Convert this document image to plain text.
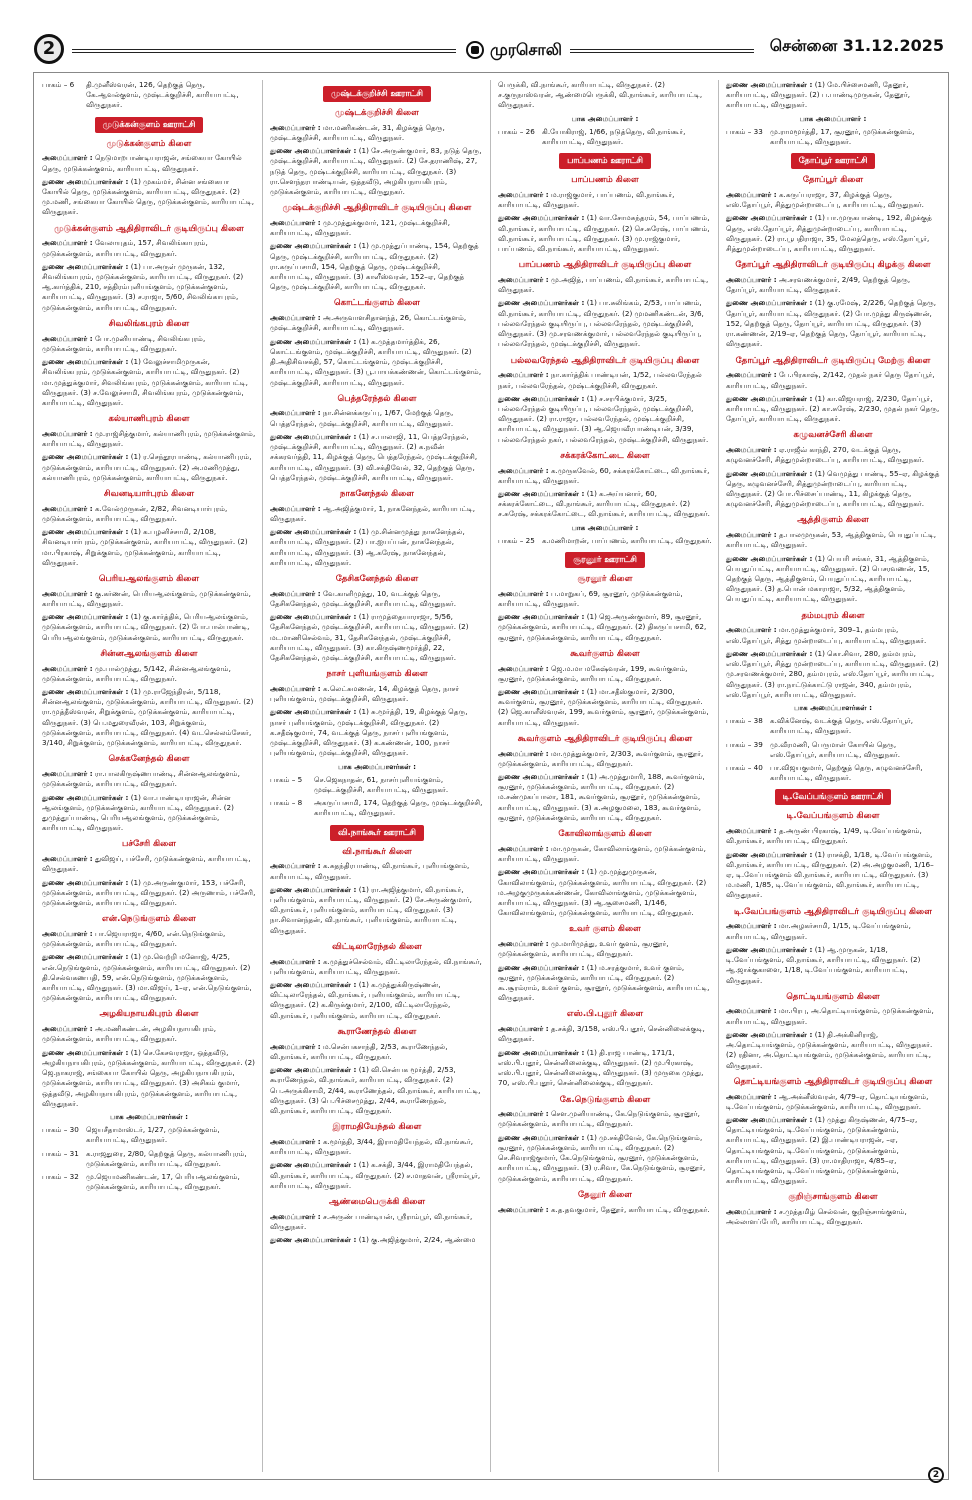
2	முரசொலி	சென்னை 31.12.2025
பாகம் – 6	தி.முனீஸ்வரன், 126, தெற்குத் தெரு, கே.ஆவல்குளம், முஷ்டக்குறிச்சி, காரியாபட்டி, விருதுநகர்.
முடுக்கன்குளம் ஊராட்சி
முடுக்கன்குளம் கிளை

அமைப்பாளர் : நெடுமாறபாண்டியராஜன், சங்கையா கோயில் தெரு, முடுக்கன்குளம், காரியாபட்டி, விருதுநகர்.

துணை அமைப்பாளர்கள் : (1) முகம்மர், சின்ன சங்கையா கோயில் தெரு, முடுக்கன்குளம், காரியாபட்டி, விருதுநகர். (2) மு.மணி, சங்கையா கோயில் தெரு, முடுக்கன்குளம், காரியாபட்டி, விருதுநகர்.

முடுக்கன்குளம் ஆதிதிராவிடர் குடியிருப்பு கிளை

அமைப்பாளர் : வேலாயுதம், 157, சிவலிங்காபுரம், முடுக்கன்குளம், காரியாபட்டி, விருதுநகர்.

துணை அமைப்பாளர்கள் : (1) பா.அருள் முருகன், 132, சிவலிங்காபுரம், முடுக்கன்குளம், காரியாபட்டி, விருதுநகர். (2) ஆ.கார்த்திக், 210, சத்திரம்புளியங்குளம், முடுக்கன்குளம், காரியாபட்டி, விருதுநகர். (3) ச.ராஜா, 5/60, சிவலிங்காபுரம், முடுக்கன்குளம், காரியாபட்டி, விருதுநகர்.

சிவலிங்கபுரம் கிளை

அமைப்பாளர் : போ.முனியாண்டி, சிவலிங்கபுரம், முடுக்கன்குளம், காரியாபட்டி, விருதுநகர்.

துணை அமைப்பாளர்கள் : (1) வேலுச்சாமிமுருகன், சிவலிங்கபுரம், முடுக்கன்குளம், காரியாபட்டி, விருதுநகர். (2) மா.முத்துக்குமார், சிவலிங்கபுரம், முடுக்கன்குளம், காரியாபட்டி, விருதுநகர். (3) ச.வேலுச்சாமி, சிவலிங்கபுரம், முடுக்கன்குளம், காரியாபட்டி, விருதுநகர்.

கல்யாணிபுரம் கிளை

அமைப்பாளர் : மு.ராஜ்சித்குமார், கல்யாணிபுரம், முடுக்கன்குளம், காரியாபட்டி, விருதுநகர்.

துணை அமைப்பாளர்கள் : (1) ர.செந்தூரபாண்டி, கல்யாணிபுரம், முடுக்கன்குளம், காரியாபட்டி, விருதுநகர். (2) அ.மணிமுத்து, கல்யாணிபுரம், முடுக்கன்குளம், காரியாபட்டி, விருதுநகர்.

சிவனடியார்புரம் கிளை

அமைப்பாளர் : க.வேல்முருகன், 2/82, சிவனடியார்புரம், முடுக்கன்குளம், காரியாபட்டி, விருதுநகர்.

துணை அமைப்பாளர்கள் : (1) க.பழனிச்சாமி, 2/108, சிவனடியார்புரம், முடுக்கன்குளம், காரியாபட்டி, விருதுநகர். (2) மா.பிரகாஷ், சிறுக்குளம், முடுக்கன்குளம், காரியாபட்டி, விருதுநகர்.

பெரியஆலங்குளம் கிளை

அமைப்பாளர் : கு.கர்ணன், பெரியஆலங்குளம், முடுக்கன்குளம், காரியாபட்டி, விருதுநகர்.

துணை அமைப்பாளர்கள் : (1) கு.கார்த்திக், பெரியஆலங்குளம், முடுக்கன்குளம், காரியாபட்டி, விருதுநகர். (2) போ.பால்பாண்டி, பெரியஆலங்குளம், முடுக்கன்குளம், காரியாபட்டி, விருதுநகர்.

சின்னஆலங்குளம் கிளை

அமைப்பாளர் : மு.பால்முத்து, 5/142, சின்னஆலங்குளம், முடுக்கன்குளம், காரியாபட்டி, விருதுநகர்.

துணை அமைப்பாளர்கள் : (1) மு.ராஜேந்திரன், 5/118, சின்னஆலங்குளம், முடுக்கன்குளம், காரியாபட்டி, விருதுநகர். (2) ரா.முத்தீஸ்வரன், சிறுக்குளம், முடுக்கன்குளம், காரியாபட்டி, விருதுநகர். (3) பெ.மதுரைவீரன், 103, சிறுக்குளம், முடுக்கன்குளம், காரியாபட்டி, விருதுநகர். (4) வடசெல்லம்சேகர், 3/140, சிறுக்குளம், முடுக்கன்குளம், காரியாபட்டி, விருதுநகர்.

செக்கனேந்தல் கிளை

அமைப்பாளர் : ரா.பாலகிருஷ்ணபாண்டி, சின்னஆலங்குளம், முடுக்கன்குளம், காரியாபட்டி, விருதுநகர்.

துணை அமைப்பாளர்கள் : (1) வா.பாண்டியராஜன், சின்ன ஆலங்குளம், முடுக்கன்குளம், காரியாபட்டி, விருதுநகர். (2) துமுத்துப்பாண்டி, பெரியஆலங்குளம், முடுக்கன்குளம், காரியாபட்டி, விருதுநகர்.

பச்சேரி கிளை

அமைப்பாளர் : துவிஜய், பச்சேரி, முடுக்கன்குளம், காரியாபட்டி, விருதுநகர்.

துணை அமைப்பாளர்கள் : (1) மு.அருண்குமார், 153, பச்சேரி, முடுக்கன்குளம், காரியாபட்டி, விருதுநகர். (2) அருணாம், பச்சேரி, முடுக்கன்குளம், காரியாபட்டி, விருதுநகர்.

என்.நெடுங்குளம் கிளை

அமைப்பாளர் : பா.ஜெயராஜா, 4/60, என்.நெடுங்குளம், முடுக்கன்குளம், காரியாபட்டி, விருதுநகர்.

துணை அமைப்பாளர்கள் : (1) மு.வெற்றி மனோஜ், 4/25, என்.நெடுங்குளம், முடுக்கன்குளம், காரியாபட்டி, விருதுநகர். (2) தி.செல்வகணபதி, 59, என்.நெடுங்குளம், முடுக்கன்குளம், காரியாபட்டி, விருதுநகர். (3) மா.விஜய், 1–ஏ, என்.நெடுங்குளம், முடுக்கன்குளம், காரியாபட்டி, விருதுநகர்.

அழகியநாயகிபுரம் கிளை

அமைப்பாளர் : அ.மணிகண்டன், அழகியநாயகிபுரம், முடுக்கன்குளம், காரியாபட்டி, விருதுநகர்.

துணை அமைப்பாளர்கள் : (1) செ.கேசவராஜா, ஒத்தவீடு, அழகியநாயகிபுரம், முடுக்கன்குளம், காரியாபட்டி, விருதுநகர். (2) ஜெ.நாகராஜ், சங்கையா கோயில் தெரு, அழகியநாயகிபுரம், முடுக்கன்குளம், காரியாபட்டி, விருதுநகர். (3) அசிகம் குமார், ஒத்தவீடு, அழகியநாயகிபுரம், முடுக்கன்குளம், காரியாபட்டி, விருதுநகர்.

பாக அமைப்பாளர்கள் :
பாகம் – 30	ஜெயசீதாமாஸ்டர், 1/27, முடுக்கன்குளம், காரியாபட்டி, விருதுநகர்.
பாகம் – 31	க.ராஜதுரை, 2/80, தெற்குத் தெரு, கல்யாணிபுரம், முடுக்கன்குளம், காரியாபட்டி, விருதுநகர்.
பாகம் – 32	மு.ஜெயமணிகண்டன், 17, பெரியஆலங்குளம், முடுக்கன்குளம், காரியாபட்டி, விருதுநகர்.
முஷ்டக்குறிச்சி ஊராட்சி
முஷ்டக்குறிச்சி கிளை

அமைப்பாளர் : மா.மணிகண்டன், 31, கிழக்குத் தெரு, முஷ்டக்குறிச்சி, காரியாபட்டி, விருதுநகர்.

துணை அமைப்பாளர்கள் : (1) சே.அருண்குமார், 83, நடுத் தெரு, முஷ்டக்குறிச்சி, காரியாபட்டி, விருதுநகர். (2) சே.தராணிஷ், 27, நடுத் தெரு, முஷ்டக்குறிச்சி, காரியாபட்டி, விருதுநகர். (3) ரா.சௌந்தரபாண்டியன், ஒத்தவீடு, அழகியநாயகிபுரம், முடுக்கன்குளம், காரியாபட்டி, விருதுநகர்.

முஷ்டக்குறிச்சி ஆதிதிராவிடர் குடியிருப்பு கிளை

அமைப்பாளர் : மு.முத்துக்குமார், 121, முஷ்டக்குறிச்சி, காரியாபட்டி, விருதுநகர்.

துணை அமைப்பாளர்கள் : (1) மு.முத்துப்பாண்டி, 154, தெற்குத் தெரு, முஷ்டக்குறிச்சி, காரியாபட்டி, விருதுநகர். (2) ரா.கருப்பசாமி, 154, தெற்குத் தெரு, முஷ்டக்குறிச்சி, காரியாபட்டி, விருதுநகர். (3) காளீஸ்வரன், 152–ஏ, தெற்குத் தெரு, முஷ்டக்குறிச்சி, காரியாபட்டி, விருதுநகர்.

கொட்டங்குளம் கிளை

அமைப்பாளர் : அ.அருவாளசிதானந்த், 26, கொட்டங்குளம், முஷ்டக்குறிச்சி, காரியாபட்டி, விருதுநகர்.

துணை அமைப்பாளர்கள் : (1) க.முத்தமார்த்திக், 26, கொட்டங்குளம், முஷ்டக்குறிச்சி, காரியாபட்டி, விருதுநகர். (2) தி.அதிசிவசக்தி, 57, கொட்டங்குளம், முஷ்டக்குறிச்சி, காரியாபட்டி, விருதுநகர். (3) பூ.பாயக்கண்ணன், கொட்டங்குளம், முஷ்டக்குறிச்சி, காரியாபட்டி, விருதுநகர்.

பெத்தரேந்தல் கிளை

அமைப்பாளர் : நா.சின்னக்கருப்பு, 1/67, மேற்குத் தெரு, பெத்தரேந்தல், முஷ்டக்குறிச்சி, காரியாபட்டி, விருதுநகர்.

துணை அமைப்பாளர்கள் : (1) ச.பாலாஜி, 11, பெத்தரேந்தல், முஷ்டக்குறிச்சி, காரியாபட்டி, விருதுநகர். (2) க.நவீன் சக்கரவர்த்தி, 11, கிழக்குத் தெரு, பெத்தரேந்தல், முஷ்டக்குறிச்சி, காரியாபட்டி, விருதுநகர். (3) வி.சக்திவேல், 32, தெற்குத் தெரு, பெத்தரேந்தல், முஷ்டக்குறிச்சி, காரியாபட்டி, விருதுநகர்.

நாகனேந்தல் கிளை

அமைப்பாளர் : ஆ.அஜித்குமார், 1, நாகனேந்தல், காரியாபட்டி, விருதுநகர்.

துணை அமைப்பாளர்கள் : (1) மு.சின்னமுத்து நாகனேந்தல், காரியாபட்டி, விருதுநகர். (2) பா.ஐயப்பன், நாகனேந்தல், காரியாபட்டி, விருதுநகர். (3) ஆ.கரேஷ், நாகனேந்தல், காரியாபட்டி, விருதுநகர்.

தேசிகனேந்தல் கிளை

அமைப்பாளர் : வே.காளிமுத்து, 10, வடக்குத் தெரு, தேசிகனேந்தல், முஷ்டக்குறிச்சி, காரியாபட்டி, விருதுநகர்.

துணை அமைப்பாளர்கள் : (1) ராமுத்தையாராஜா, 5/56, தேசிகனேந்தல், முஷ்டக்குறிச்சி, காரியாபட்டி, விருதுநகர். (2) மடமாணிசெல்வம், 31, தேசிகனேந்தல், முஷ்டக்குறிச்சி, காரியாபட்டி, விருதுநகர். (3) கா.கிருஷ்ணமூர்த்தி, 22, தேசிகனேந்தல், முஷ்டக்குறிச்சி, காரியாபட்டி, விருதுநகர்.

நாசர் புளியங்குளம் கிளை

அமைப்பாளர் : க.லெட்சுமணன், 14, கிழக்குத் தெரு, நாசர் புளியங்குளம், முஷ்டக்குறிச்சி, விருதுநகர்.

துணை அமைப்பாளர்கள் : (1) சு.மூர்த்தி, 19, கிழக்குத் தெரு, நாசர் புளியங்குளம், முஷ்டக்குறிச்சி, விருதுநகர். (2) க.சதீஷ்குமார், 74, வடக்குத் தெரு, நாசர் புளியங்குளம், முஷ்டக்குறிச்சி, விருதுநகர். (3) க.கண்ணன், 100, நாசர் புளியங்குளம், முஷ்டக்குறிச்சி, விருதுநகர்.

பாக அமைப்பாளர்கள் :
பாகம் – 5	செ.ஜெகநாதன், 61, நாசர்புளியங்குளம், முஷ்டக்குறிச்சி, காரியாபட்டி, விருதுநகர்.
பாகம் – 8	அகருப்பசாமி, 174, தெற்குத் தெரு, முஷ்டக்குறிச்சி, காரியாபட்டி, விருதுநகர்.
வி.நாங்கூர் ஊராட்சி
வி.நாங்கூர் கிளை

அமைப்பாளர் : க.சுதந்திரபாண்டி, வி.நாங்கூர், புளியங்குளம், காரியாபட்டி, விருதுநகர்.

துணை அமைப்பாளர்கள் : (1) ரா.அஜித்குமார், வி.நாங்கூர், புளியங்குளம், காரியாபட்டி, விருதுநகர். (2) சே.அருண்குமார், வி.நாங்கூர், புளியங்குளம், காரியாபட்டி, விருதுநகர். (3) நா.சிவானந்தன், வி.நாங்கூர், புளியங்குளம், காரியாபட்டி, விருதுநகர்.

விட்டிலாரேந்தல் கிளை

அமைப்பாளர் : க.முத்துச்செல்வம், விட்டிலாரேந்தல், வி.நாங்கூர், புளியங்குளம், காரியாபட்டி, விருதுநகர்.

துணை அமைப்பாளர்கள் : (1) க.முத்துக்கிருஷ்ணன், விட்டிலாரேந்தல், வி.நாங்கூர், புளியங்குளம், காரியாபட்டி, விருதுநகர். (2) க.கிருக்குமார், 2/100, விட்டிலாரேந்தல், வி.நாங்கூர், புளியங்குளம், காரியாபட்டி, விருதுநகர்.

கூராணேந்தல் கிளை

அமைப்பாளர் : ம.சென்பகசாந்தி, 2/53, கூராணேந்தல், வி.நாங்கூர், காரியாபட்டி, விருதுநகர்.

துணை அமைப்பாளர்கள் : (1) வி.சென்பக மூர்த்தி, 2/53, கூராணேந்தல், வி.நாங்கூர், காரியாபட்டி, விருதுநகர். (2) பெ.அருக்கிசாமி, 2/44, கூராணேந்தல், வி.நாங்கூர், காரியாபட்டி, விருதுநகர். (3) பெ.பிச்சைமுத்து, 2/44, கூராணேந்தல், வி.நாங்கூர், காரியாபட்டி, விருதுநகர்.

இராமதியேந்தல் கிளை

அமைப்பாளர் : க.மூர்த்தி, 3/44, இராமதியேந்தல், வி.நாங்கூர், காரியாபட்டி, விருதுநகர்.

துணை அமைப்பாளர்கள் : (1) க.சக்தி, 3/44, இராமதியேந்தல், வி.நாங்கூர், காரியாபட்டி, விருதுநகர். (2) ச.மாதவன், ஸ்ரீராம்பூர், காரியாபட்டி, விருதுநகர்.

ஆண்மைபெருக்கி கிளை

அமைப்பாளர் : ச.அருண் பாண்டியன், ஸ்ரீராம்பூர், வி.நாங்கூர், விருதுநகர்.

துணை அமைப்பாளர்கள் : (1) கு.அஜித்குமார், 2/24, ஆண்மை

பெருக்கி, வி.நாங்கூர், காரியாபட்டி, விருதுநகர். (2) ச.குருநாஸ்வரன், ஆண்மைபெருக்கி, வி.நாங்கூர், காரியாபட்டி, விருதுநகர்.

பாக அமைப்பாளர் :
பாகம் – 26	கி.யோகிராஜ், 1/66, நடுத்தெரு, வி.நாங்கூர், காரியாபட்டி, விருதுநகர்.
பாப்பணம் ஊராட்சி
பாப்பணம் கிளை

அமைப்பாளர் : ம.ராஜ்குமார், பாப்பணம், வி.நாங்கூர், காரியாபட்டி, விருதுநகர்.

துணை அமைப்பாளர்கள் : (1) வா.சோமசுந்தரம், 54, பாப்பணம், வி.நாங்கூர், காரியாபட்டி, விருதுநகர். (2) செ.சுரேஷ், பாப்பணம், வி.நாங்கூர், காரியாபட்டி, விருதுநகர். (3) மு.ராஜ்குமார், பாப்பணம், வி.நாங்கூர், காரியாபட்டி, விருதுநகர்.

பாப்பணம் ஆதிதிராவிடர் குடியிருப்பு கிளை

அமைப்பாளர் : மு.அஜித், பாப்பணம், வி.நாங்கூர், காரியாபட்டி, விருதுநகர்.

துணை அமைப்பாளர்கள் : (1) பா.சுலிங்கம், 2/53, பாப்பணம், வி.நாங்கூர், காரியாபட்டி, விருதுநகர். (2) முமணிகண்டன், 3/6, பல்லவரேந்தல் குடியிருப்பு, பல்லவரேந்தல், முஷ்டக்குறிச்சி, விருதுநகர். (3) மு.சரவணக்குமார், பல்லவரேந்தல் குடியிருப்பு, பல்லவரேந்தல், முஷ்டக்குறிச்சி, விருதுநகர்.

பல்லவரேந்தல் ஆதிதிராவிடர் குடியிருப்பு கிளை

அமைப்பாளர் : நா.கார்த்திக் பாண்டியன், 1/52, பல்லவரேந்தல் நகர், பல்லவரேந்தல், முஷ்டக்குறிச்சி, விருதுநகர்.

துணை அமைப்பாளர்கள் : (1) ச.சரபிக்குமார், 3/25, பல்லவரேந்தல் குடியிருப்பு, பல்லவரேந்தல், முஷ்டக்குறிச்சி, விருதுநகர். (2) ரா.ராஜா, பல்லவரேந்தல், முஷ்டக்குறிச்சி, காரியாபட்டி, விருதுநகர். (3) ஆ.ஜெயவீரபாண்டியன், 3/39, பல்லவரேந்தல் நகர், பல்லவரேந்தல், முஷ்டக்குறிச்சி, விருதுநகர்.

சக்கரக்கோட்டை கிளை

அமைப்பாளர் : க.முருகவேல், 60, சக்கரக்கோட்டை, வி.நாங்கூர், காரியாபட்டி, விருதுநகர்.

துணை அமைப்பாளர்கள் : (1) க.அய்யனார், 60, சக்கரக்கோட்டை, வி.நாங்கூர், காரியாபட்டி, விருதுநகர். (2) ச.சுரேஷ், சக்கரக்கோட்டை, வி.நாங்கூர், காரியாபட்டி, விருதுநகர்.

பாக அமைப்பாளர் :
பாகம் – 25	க.மணிமாறன், பாப்பணம், காரியாபட்டி, விருதுநகர்.
சூரனூர் ஊராட்சி
சூரனூர் கிளை

அமைப்பாளர் : ப.மாறுகப், 69, சூரனூர், முடுக்கன்குளம், காரியாபட்டி, விருதுநகர்.

துணை அமைப்பாளர்கள் : (1) ஜெ.அருண்குமார், 89, சூரனூர், முடுக்கன்குளம், காரியாபட்டி, விருதுநகர். (2) திகருப்பசாமி, 62, சூரனூர், முடுக்கன்குளம், காரியாபட்டி, விருதுநகர்.

கூவர்குளம் கிளை

அமைப்பாளர் : ஜெ.ம.மா மகேஷ்வரன், 199, கூவர்குளம், சூரனூர், முடுக்கன்குளம், காரியாபட்டி, விருதுநகர்.

துணை அமைப்பாளர்கள் : (1) மா.சதீஸ்குமார், 2/300, கூவர்குளம், சூரனூர், முடுக்கன்குளம், காரியாபட்டி, விருதுநகர். (2) ஜெ.காளீஸ்வரன், 199, கூவர்குளம், சூரனூர், முடுக்கன்குளம், காரியாபட்டி, விருதுநகர்.

கூவர்குளம் ஆதிதிராவிடர் குடியிருப்பு கிளை

அமைப்பாளர் : மா.முத்துக்குமார், 2/303, கூவர்குளம், சூரனூர், முடுக்கன்குளம், காரியாபட்டி, விருதுநகர்.

துணை அமைப்பாளர்கள் : (1) அ.முத்துமாரி, 188, கூவர்குளம், சூரனூர், முடுக்கன்குளம், காரியாபட்டி, விருதுநகர். (2) ம.சண்முகப்பாலா, 181, கூவர்குளம், சூரனூர், முடுக்கன்குளம், காரியாபட்டி, விருதுநகர். (3) க.அழகுமலை, 183, கூவர்குளம், சூரனூர், முடுக்கன்குளம், காரியாபட்டி, விருதுநகர்.

கோவிலாங்குளம் கிளை

அமைப்பாளர் : மா.முருகன், கோவிலாங்குளம், முடுக்கன்குளம், காரியாபட்டி, விருதுநகர்.

துணை அமைப்பாளர்கள் : (1) மு.முத்துமுருகன், கோவிலாங்குளம், முடுக்கன்குளம், காரியாபட்டி, விருதுநகர். (2) ம.அழகுமுருகக்கண்ணன், கோவிலாங்குளம், முடுக்கன்குளம், காரியாபட்டி, விருதுநகர். (3) ஆ.சூசைமணி, 1/146, கோவிலாங்குளம், முடுக்கன்குளம், காரியாபட்டி, விருதுநகர்.

உவர் குளம் கிளை

அமைப்பாளர் : மு.மாரிமுத்து, உவர் குளம், சூரனூர், முடுக்கன்குளம், காரியாபட்டி, விருதுநகர்.

துணை அமைப்பாளர்கள் : (1) ம.சரத்குமார், உவர் குளம், சூரனூர், முடுக்கன்குளம், காரியாபட்டி, விருதுநகர். (2) கூ.சூரம்ராம், உவர் குளம், சூரனூர், முடுக்கன்குளம், காரியாபட்டி, விருதுநகர்.

எஸ்.பி.புதூர் கிளை

அமைப்பாளர் : த.சக்தி, 3/158, எஸ்.பி.புதூர், சென்னிலைக்குடி, விருதுநகர்.

துணை அமைப்பாளர்கள் : (1) தி.ராஜ பாண்டி, 171/1, எஸ்.பி.புதூர், சென்னிலைக்குடி, விருதுநகர். (2) மு.பிரகாஷ், எஸ்.பி.புதூர், சென்னிலைக்குடி, விருதுநகர். (3) முருகை முத்து, 70, எஸ்.பி.புதூர், சென்னிலைக்குடி, விருதுநகர்.

கே.நெடுங்குளம் கிளை

அமைப்பாளர் : சௌ.முனியாண்டி, கே.நெடுங்குளம், சூரனூர், முடுக்கன்குளம், காரியாபட்டி, விருதுநகர்.

துணை அமைப்பாளர்கள் : (1) மு.சக்திவேல், கே.நெடுங்குளம், சூரனூர், முடுக்கன்குளம், காரியாபட்டி, விருதுநகர். (2) செ.சிவராஜ்குமார், கே.நெடுங்குளம், சூரனூர், முடுக்கன்குளம், காரியாபட்டி, விருதுநகர். (3) ர.சிவா, கே.நெடுங்குளம், சூரனூர், முடுக்கன்குளம், காரியாபட்டி, விருதுநகர்.

தேனூர் கிளை

அமைப்பாளர் : க.த.தவகுமார், தேனூர், காரியாபட்டி, விருதுநகர்.

துணை அமைப்பாளர்கள் : (1) மே.பிச்சைமணி, தேனூர், காரியாபட்டி, விருதுநகர். (2) ப.பாண்டிமுருகன், தேனூர், காரியாபட்டி, விருதுநகர்.

பாக அமைப்பாளர் :
பாகம் – 33	மு.ராமமூர்த்தி, 17, சூரனூர், முடுக்கன்குளம், காரியாபட்டி, விருதுநகர்.
தோப்பூர் ஊராட்சி
தோப்பூர் கிளை

அமைப்பாளர் : க.கருப்பராஜா, 37, கிழக்குத் தெரு, எஸ்.தோப்பூர், சித்துமுன்றாடைப்பு, காரியாபட்டி, விருதுநகர்.

துணை அமைப்பாளர்கள் : (1) பா.முருகபாண்டி, 192, கிழக்குத் தெரு, எஸ்.தோப்பூர், சித்துமுன்றாடைப்பு, காரியாபட்டி, விருதுநகர். (2) ரா.பூபதிராஜா, 35, மேலத்தெரு, எஸ்.தோப்பூர், சித்துமுன்றாடைப்பு, காரியாபட்டி, விருதுநகர்.

தோப்பூர் ஆதிதிராவிடர் குடியிருப்பு கிழக்கு கிளை

அமைப்பாளர் : அ.சரவணக்குமார், 2/49, தெற்குத் தெரு, தோப்பூர், காரியாபட்டி, விருதுநகர்.

துணை அமைப்பாளர்கள் : (1) கு.ரமேஷ், 2/226, தெற்குத் தெரு, தோப்பூர், காரியாபட்டி, விருதுநகர். (2) போ.முத்து கிருஷ்ணன், 152, தெற்குத் தெரு, தோப்பூர், காரியாபட்டி, விருதுநகர். (3) ரா.கண்ணன், 2/19–ஏ, தெற்குத் தெரு, தோப்பூர், காரியாபட்டி, விருதுநகர்.

தோப்பூர் ஆதிதிராவிடர் குடியிருப்பு மேற்கு கிளை

அமைப்பாளர் : பே.பிரகாஷ், 2/142, முதல் நகர் தெரு தோப்பூர், காரியாபட்டி, விருதுநகர்.

துணை அமைப்பாளர்கள் : (1) கா.விஜயராஜ், 2/230, தோப்பூர், காரியாபட்டி, விருதுநகர். (2) கா.சுரேஷ், 2/230, முதல் நகர் தெரு, தோப்பூர், காரியாபட்டி, விருதுநகர்.

கழுவனச்சேரி கிளை

அமைப்பாளர் : ஏ.ராஜீவ் காந்தி, 270, வடக்குத் தெரு, கழுவனச்சேரி, சித்துமுன்றாடைப்பு, காரியாபட்டி, விருதுநகர்.

துணை அமைப்பாளர்கள் : (1) வெமுத்து பாண்டி, 55–ஏ, கிழக்குத் தெரு, கழுவனச்சேரி, சித்துமுன்றாடைப்பு, காரியாபட்டி, விருதுநகர். (2) போ.பிச்சைப்பாண்டி, 11, கிழக்குத் தெரு, கழுவனச்சேரி, சித்துமுன்றாடைப்பு, காரியாபட்டி, விருதுநகர்.

ஆத்திகுளம் கிளை

அமைப்பாளர் : த.பாலமுருகன், 53, ஆத்திகுளம், பெயுதுப்பட்டி, காரியாபட்டி, விருதுநகர்.

துணை அமைப்பாளர்கள் : (1) பெயரி சங்கர், 31, ஆத்திகுளம், பெயுதுப்பட்டி, காரியாபட்டி, விருதுநகர். (2) பெசரவணன், 15, தெற்குத் தெரு, ஆத்திகுளம், பெயுதுப்பட்டி, காரியாபட்டி, விருதுநகர். (3) த.பொன் மகாராஜா, 5/32, ஆத்திகுளம், பெயுதுப்பட்டி, காரியாபட்டி, விருதுநகர்.

தம்மபுரம் கிளை

அமைப்பாளர் : மா.முத்துக்குமார், 309–1, தம்மபுரம், எஸ்.தோப்பூர், சித்து முன்றாடைப்பு, காரியாபட்டி, விருதுநகர்.

துணை அமைப்பாளர்கள் : (1) கொ.சிவா, 280, தம்மபுரம், எஸ்.தோப்பூர், சித்து முன்றாடைப்பு, காரியாபட்டி, விருதுநகர். (2) மு.சரவணக்குமார், 280, தம்மபுரம், எஸ்.தோப்பூர், காரியாபட்டி, விருதுநகர். (3) ரா.நாட்டுக்காட்டு ராஜன், 340, தம்மபுரம், எஸ்.தோப்பூர், காரியாபட்டி, விருதுநகர்.

பாக அமைப்பாளர்கள் :
பாகம் – 38	க.விக்னேஷ், வடக்குத் தெரு, எஸ்.தோப்பூர், காரியாபட்டி, விருதுநகர்.
பாகம் – 39	மு.வீரமணி, பெருமாள் கோயில் தெரு, எஸ்.தோப்பூர், காரியாபட்டி, விருதுநகர்.
பாகம் – 40	பா.விஜயகுமார், தெற்குத் தெரு, கழுவனச்சேரி, காரியாபட்டி, விருதுநகர்.
டி.வேப்பங்குளம் ஊராட்சி
டி.வேப்பங்குளம் கிளை

அமைப்பாளர் : த.அருண் பிரகாஷ், 1/49, டி.வேப்பங்குளம், வி.நாங்கூர், காரியாபட்டி, விருதுநகர்.

துணை அமைப்பாளர்கள் : (1) ராசக்தி, 1/18, டி.வேப்பங்குளம், வி.நாங்கூர், காரியாபட்டி, விருதுநகர். (2) அ.அழகுமணி, 1/16–ஏ, டி.வேப்பங்குளம் வி.நாங்கூர், காரியாபட்டி, விருதுநகர். (3) ம.மணி, 1/85, டி.வேப்பங்குளம், வி.நாங்கூர், காரியாபட்டி, விருதுநகர்.

டி.வேப்பங்குளம் ஆதிதிராவிடர் குடியிருப்பு கிளை

அமைப்பாளர் : மா.அழகர்சாமி, 1/15, டி.வேப்பங்குளம், காரியாபட்டி, விருதுநகர்.

துணை அமைப்பாளர்கள் : (1) ஆ.முருகன், 1/18, டி.வேப்பங்குளம், வி.நாங்கூர், காரியாபட்டி, விருதுநகர். (2) ஆ.ஜாக்குகாளை, 1/18, டி.வேப்பங்குளம், காரியாபட்டி, விருதுநகர்.

தொட்டியங்குளம் கிளை

அமைப்பாளர் : மா.பிரபு, அ.தொட்டியங்குளம், முடுக்கன்குளம், காரியாபட்டி, விருதுநகர்.

துணை அமைப்பாளர்கள் : (1) தி.அக்கினிராஜ், அ.தொட்டியங்குளம், முடுக்கன்குளம், காரியாபட்டி, விருதுநகர். (2) ரதினா, அ.தொட்டியங்குளம், முடுக்கன்குளம், காரியாபட்டி, விருதுநகர்.

தொட்டியங்குளம் ஆதிதிராவிடர் குடியிருப்பு கிளை

அமைப்பாளர் : ஆ.அக்னீஸ்வரன், 4/79–ஏ, தொட்டியங்குளம், டி.வேப்பங்குளம், முடுக்கன்குளம், காரியாபட்டி, விருதுநகர்.

துணை அமைப்பாளர்கள் : (1) முத்து கிருஷ்ணன், 4/75–ஏ, தொட்டியங்குளம், டி.வேப்பங்குளம், முடுக்கன்குளம், காரியாபட்டி, விருதுநகர். (2) இ.பாண்டியராஜன், –ஏ, தொட்டியங்குளம், டி.வேப்பங்குளம், முடுக்கன்குளம், காரியாபட்டி, விருதுநகர். (3) ரா.மாதிராஜா, 4/85–ஏ, தொட்டியங்குளம், டி.வேப்பங்குளம், முடுக்கன்குளம், காரியாபட்டி, விருதுநகர்.

குறிஞ்சாங்குளம் கிளை

அமைப்பாளர் : ச.முத்தமிழ் செல்வன், குறிஞ்சாங்குளம், அல்லாளப்பேரி, காரியாபட்டி, விருதுநகர்.

2
